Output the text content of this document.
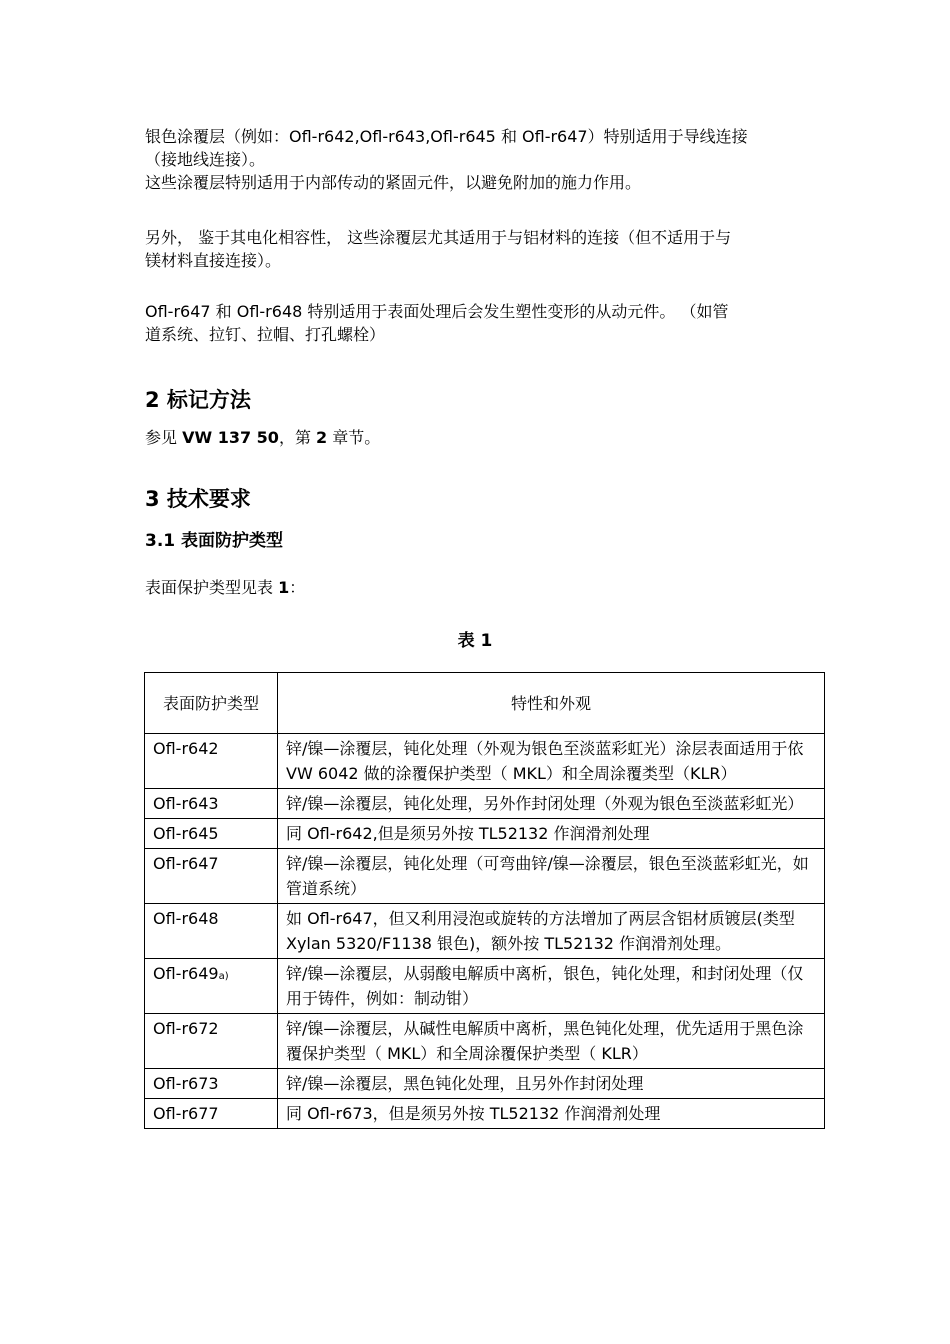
银色涂覆层（例如：Ofl-r642,Ofl-r643,Ofl-r645 和 Ofl-r647）特别适用于导线连接
（接地线连接）。
这些涂覆层特别适用于内部传动的紧固元件，以避免附加的施力作用。

另外， 鉴于其电化相容性， 这些涂覆层尤其适用于与铝材料的连接（但不适用于与
镁材料直接连接）。

Ofl-r647 和 Ofl-r648 特别适用于表面处理后会发生塑性变形的从动元件。 （如管
道系统、拉钉、拉帽、打孔螺栓）

2 标记方法

参见 VW 137 50，第 2 章节。

3 技术要求
3.1 表面防护类型

表面保护类型见表 1：

表 1
表面防护类型	特性和外观
Ofl-r642	锌/镍—涂覆层，钝化处理（外观为银色至淡蓝彩虹光）涂层表面适用于依 VW 6042 做的涂覆保护类型（ MKL）和全周涂覆类型（KLR）
Ofl-r643	锌/镍—涂覆层，钝化处理，另外作封闭处理（外观为银色至淡蓝彩虹光）
Ofl-r645	同 Ofl-r642,但是须另外按 TL52132 作润滑剂处理
Ofl-r647	锌/镍—涂覆层，钝化处理（可弯曲锌/镍—涂覆层，银色至淡蓝彩虹光，如管道系统）
Ofl-r648	如 Ofl-r647，但又利用浸泡或旋转的方法增加了两层含铝材质镀层(类型 Xylan 5320/F1138 银色)，额外按 TL52132 作润滑剂处理。
Ofl-r649a)	锌/镍—涂覆层，从弱酸电解质中离析，银色，钝化处理，和封闭处理（仅用于铸件，例如：制动钳）
Ofl-r672	锌/镍—涂覆层，从碱性电解质中离析，黑色钝化处理，优先适用于黑色涂覆保护类型（ MKL）和全周涂覆保护类型（ KLR）
Ofl-r673	锌/镍—涂覆层，黑色钝化处理，且另外作封闭处理
Ofl-r677	同 Ofl-r673，但是须另外按 TL52132 作润滑剂处理
